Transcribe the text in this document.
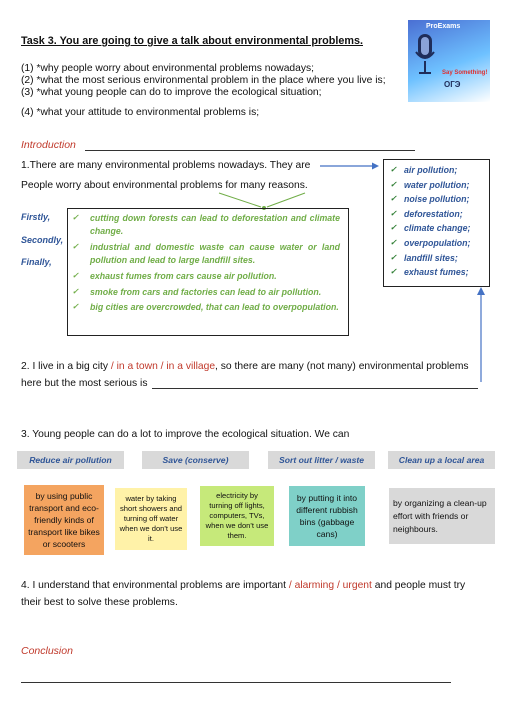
Task 3. You are going to give a talk about environmental problems.
(1) *why people worry about environmental problems nowadays;
(2) *what the most serious environmental problem in the place where you live is;
(3) *what young people can do to improve the ecological situation;
(4) *what your attitude to environmental problems is;
ProExams
Say Something!
ОГЭ
Introduction
1.There are many environmental problems nowadays. They are
People worry about environmental problems for many reasons.
Firstly,
Secondly,
Finally,
✓ cutting down forests can lead to deforestation and climate change.
✓ industrial and domestic waste can cause water or land pollution and lead to large landfill sites.
✓ exhaust fumes from cars cause air pollution.
✓ smoke from cars and factories can lead to air pollution.
✓ big cities are overcrowded, that can lead to overpopulation.
✓ air pollution;
✓ water pollution;
✓ noise pollution;
✓ deforestation;
✓ climate change;
✓ overpopulation;
✓ landfill sites;
✓ exhaust fumes;
2. I live in a big city / in a town / in a village, so there are many (not many) environmental problems
here but the most serious is
3. Young people can do a lot to improve the ecological situation. We can
Reduce air pollution	Save (conserve)	Sort out litter / waste	Clean up a local area
by using public transport and eco-friendly kinds of transport like bikes or scooters
water by taking short showers and turning off water when we don't use it.
electricity by turning off lights, computers, TVs, when we don't use them.
by putting it into different rubbish bins (gabbage cans)
by organizing a clean-up effort with friends or neighbours.
4. I understand that environmental problems are important / alarming / urgent and people must try
their best to solve these problems.
Conclusion
